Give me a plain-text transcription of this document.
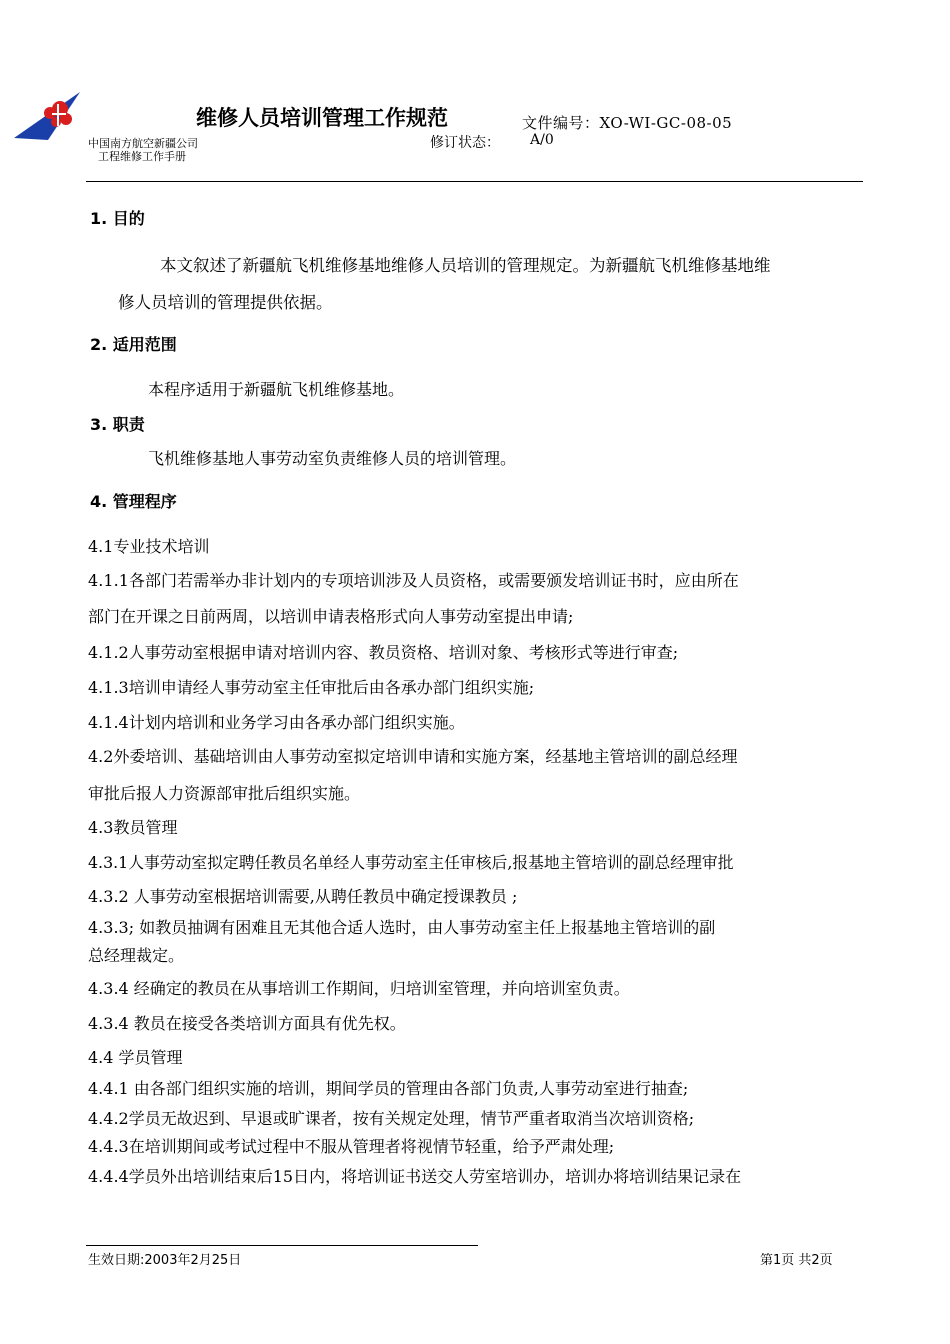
维修人员培训管理工作规范	文件编号：XO-WI-GC-08-05
中国南方航空新疆公司
工程维修工作手册
修订状态： A/0
1. 目的
本文叙述了新疆航飞机维修基地维修人员培训的管理规定。为新疆航飞机维修基地维
修人员培训的管理提供依据。
2. 适用范围
本程序适用于新疆航飞机维修基地。
3. 职责
飞机维修基地人事劳动室负责维修人员的培训管理。
4. 管理程序
4.1专业技术培训
4.1.1各部门若需举办非计划内的专项培训涉及人员资格，或需要颁发培训证书时，应由所在
部门在开课之日前两周，以培训申请表格形式向人事劳动室提出申请;
4.1.2人事劳动室根据申请对培训内容、教员资格、培训对象、考核形式等进行审查;
4.1.3培训申请经人事劳动室主任审批后由各承办部门组织实施;
4.1.4计划内培训和业务学习由各承办部门组织实施。
4.2外委培训、基础培训由人事劳动室拟定培训申请和实施方案，经基地主管培训的副总经理
审批后报人力资源部审批后组织实施。
4.3教员管理
4.3.1人事劳动室拟定聘任教员名单经人事劳动室主任审核后,报基地主管培训的副总经理审批
4.3.2 人事劳动室根据培训需要,从聘任教员中确定授课教员 ;
4.3.3; 如教员抽调有困难且无其他合适人选时，由人事劳动室主任上报基地主管培训的副
总经理裁定。
4.3.4 经确定的教员在从事培训工作期间，归培训室管理，并向培训室负责。
4.3.4 教员在接受各类培训方面具有优先权。
4.4 学员管理
4.4.1 由各部门组织实施的培训，期间学员的管理由各部门负责,人事劳动室进行抽查;
4.4.2学员无故迟到、早退或旷课者，按有关规定处理，情节严重者取消当次培训资格;
4.4.3在培训期间或考试过程中不服从管理者将视情节轻重，给予严肃处理;
4.4.4学员外出培训结束后15日内，将培训证书送交人劳室培训办，培训办将培训结果记录在
生效日期:2003年2月25日	第1页 共2页
